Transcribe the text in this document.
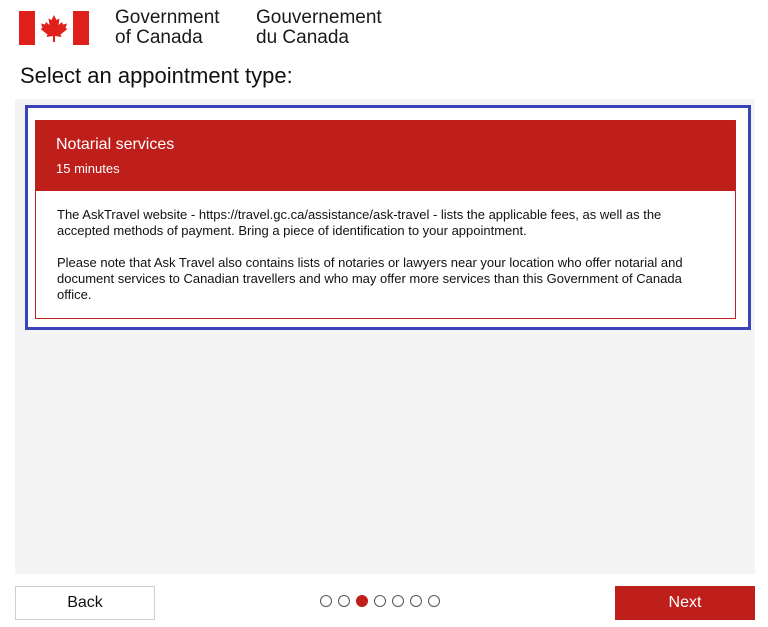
Government
of Canada
Gouvernement
du Canada
Select an appointment type:
Notarial services
15 minutes

The AskTravel website - https://travel.gc.ca/assistance/ask-travel - lists the applicable fees, as well as the accepted methods of payment. Bring a piece of identification to your appointment.

Please note that Ask Travel also contains lists of notaries or lawyers near your location who offer notarial and document services to Canadian travellers and who may offer more services than this Government of Canada office.

Back	Next
